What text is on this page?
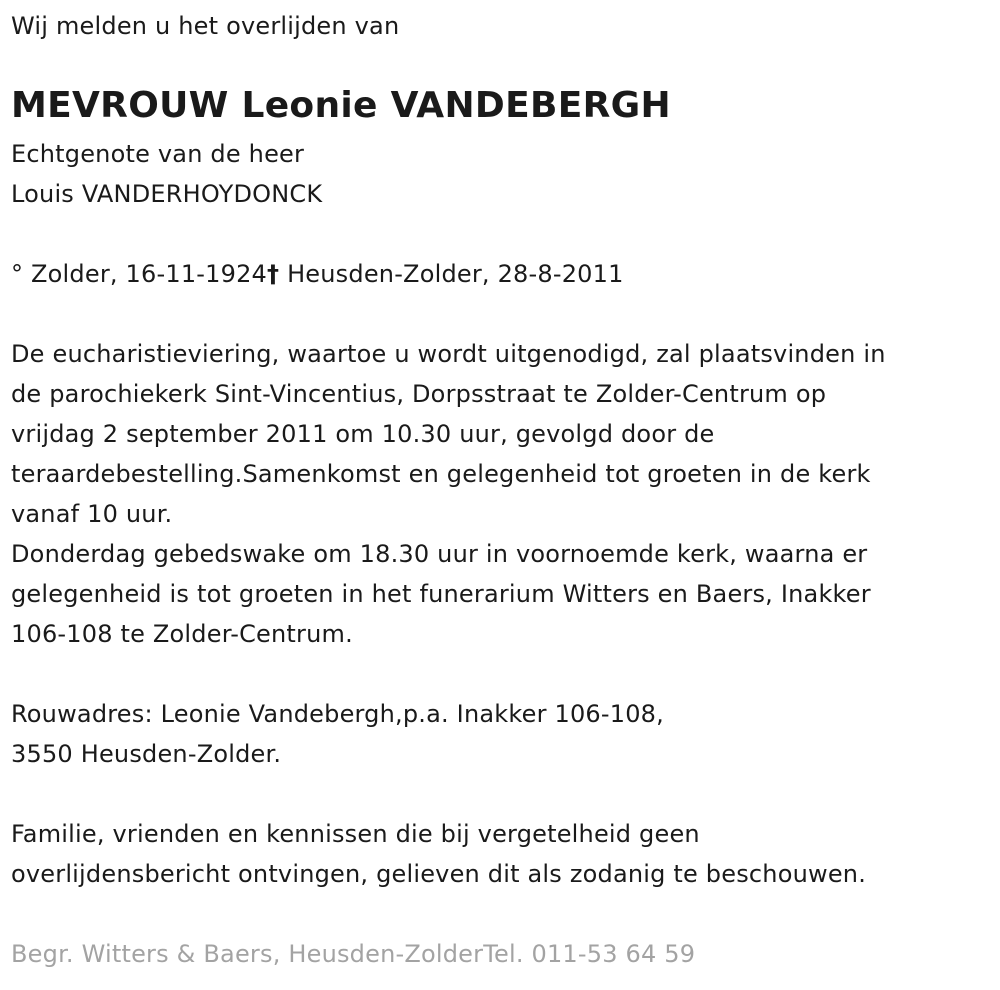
Wij melden u het overlijden van
MEVROUW Leonie VANDEBERGH
Echtgenote van de heer
Louis VANDERHOYDONCK
° Zolder, 16-11-1924† Heusden-Zolder, 28-8-2011
De eucharistieviering, waartoe u wordt uitgenodigd, zal plaatsvinden in
de parochiekerk Sint-Vincentius, Dorpsstraat te Zolder-Centrum op
vrijdag 2 september 2011 om 10.30 uur, gevolgd door de
teraardebestelling.Samenkomst en gelegenheid tot groeten in de kerk
vanaf 10 uur.
Donderdag gebedswake om 18.30 uur in voornoemde kerk, waarna er
gelegenheid is tot groeten in het funerarium Witters en Baers, Inakker
106-108 te Zolder-Centrum.
Rouwadres: Leonie Vandebergh,p.a. Inakker 106-108,
3550 Heusden-Zolder.
Familie, vrienden en kennissen die bij vergetelheid geen
overlijdensbericht ontvingen, gelieven dit als zodanig te beschouwen.
Begr. Witters & Baers, Heusden-ZolderTel. 011-53 64 59
